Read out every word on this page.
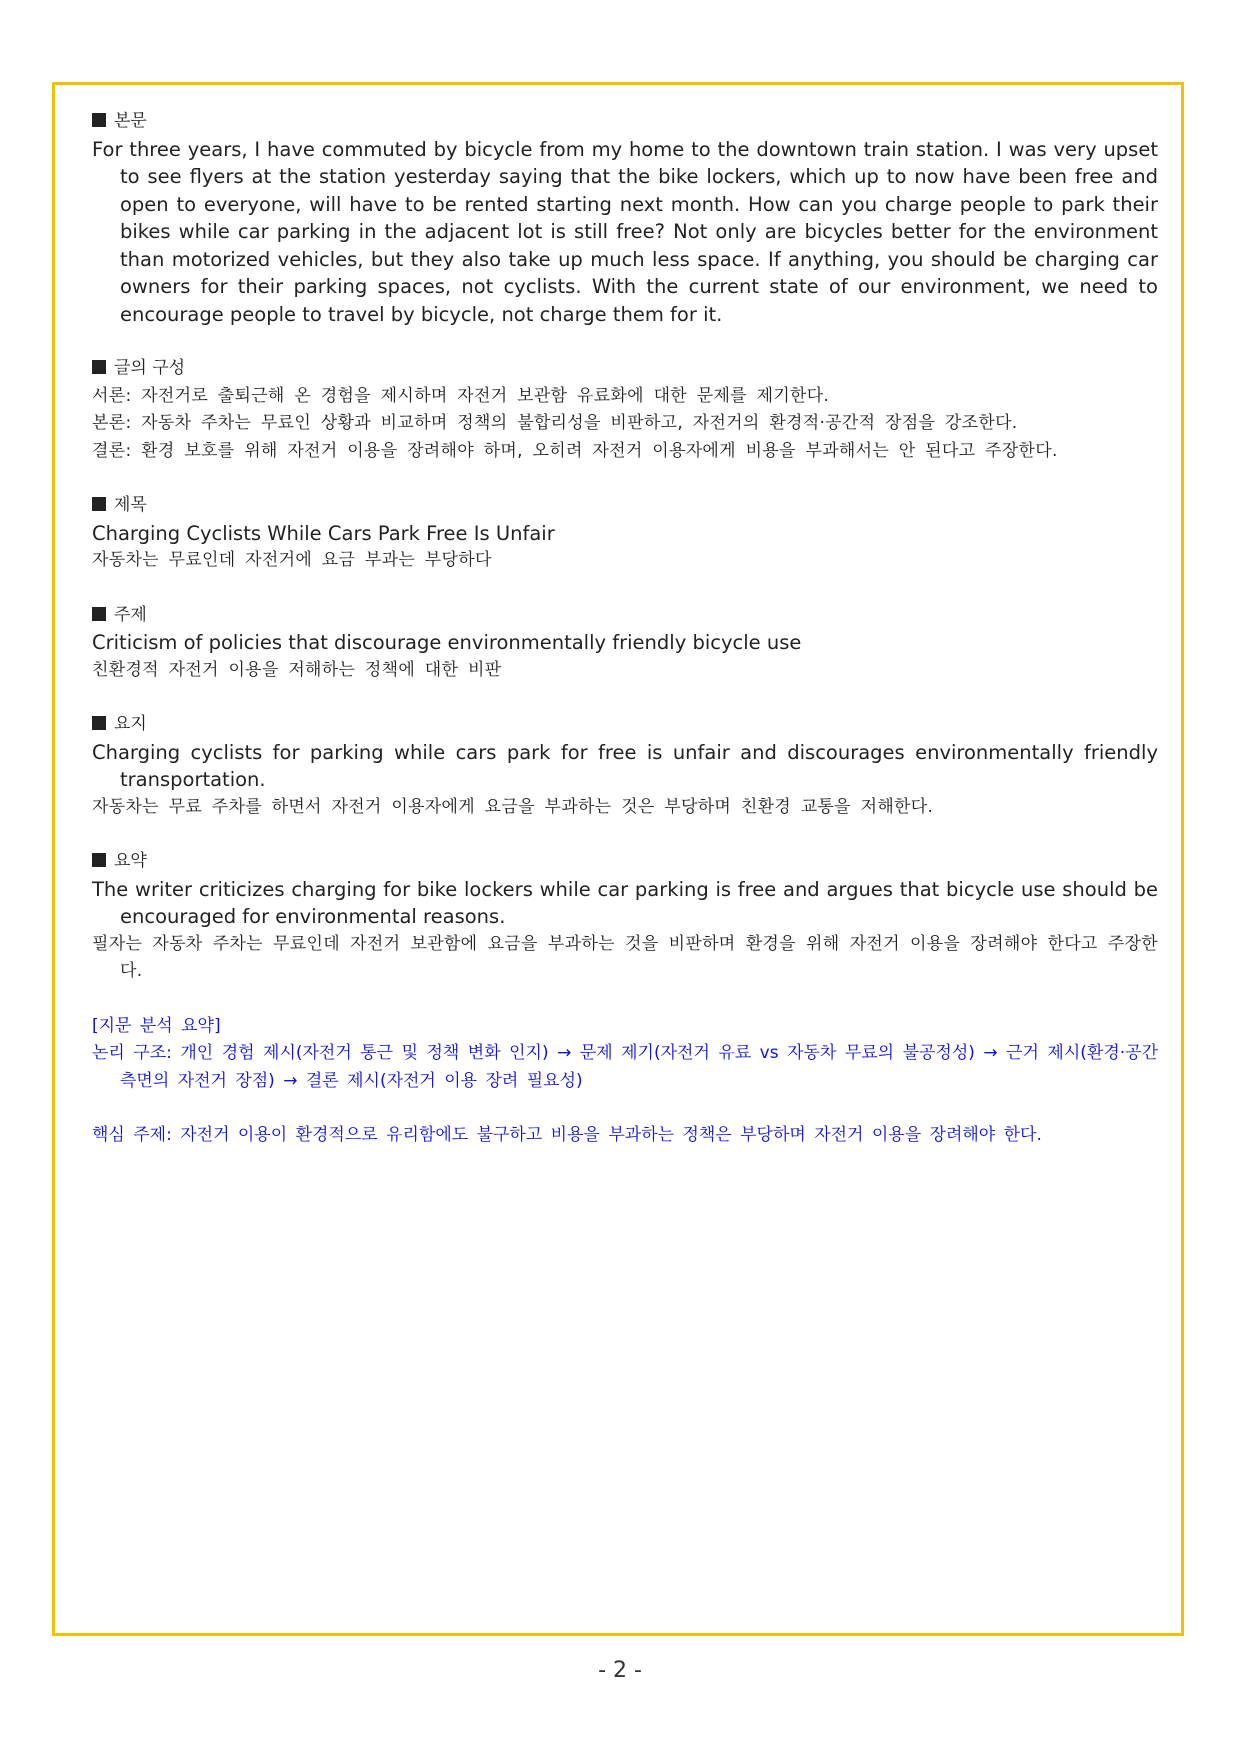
본문

For three years, I have commuted by bicycle from my home to the downtown train station. I was very upset to see flyers at the station yesterday saying that the bike lockers, which up to now have been free and open to everyone, will have to be rented starting next month. How can you charge people to park their bikes while car parking in the adjacent lot is still free? Not only are bicycles better for the environment than motorized vehicles, but they also take up much less space. If anything, you should be charging car owners for their parking spaces, not cyclists. With the current state of our environment, we need to encourage people to travel by bicycle, not charge them for it.

글의 구성

서론: 자전거로 출퇴근해 온 경험을 제시하며 자전거 보관함 유료화에 대한 문제를 제기한다.

본론: 자동차 주차는 무료인 상황과 비교하며 정책의 불합리성을 비판하고, 자전거의 환경적·공간적 장점을 강조한다.

결론: 환경 보호를 위해 자전거 이용을 장려해야 하며, 오히려 자전거 이용자에게 비용을 부과해서는 안 된다고 주장한다.

제목

Charging Cyclists While Cars Park Free Is Unfair

자동차는 무료인데 자전거에 요금 부과는 부당하다

주제

Criticism of policies that discourage environmentally friendly bicycle use

친환경적 자전거 이용을 저해하는 정책에 대한 비판

요지

Charging cyclists for parking while cars park for free is unfair and discourages environmentally friendly transportation.

자동차는 무료 주차를 하면서 자전거 이용자에게 요금을 부과하는 것은 부당하며 친환경 교통을 저해한다.

요약

The writer criticizes charging for bike lockers while car parking is free and argues that bicycle use should be encouraged for environmental reasons.

필자는 자동차 주차는 무료인데 자전거 보관함에 요금을 부과하는 것을 비판하며 환경을 위해 자전거 이용을 장려해야 한다고 주장한다.

[지문 분석 요약]

논리 구조: 개인 경험 제시(자전거 통근 및 정책 변화 인지) → 문제 제기(자전거 유료 vs 자동차 무료의 불공정성) → 근거 제시(환경·공간 측면의 자전거 장점) → 결론 제시(자전거 이용 장려 필요성)

핵심 주제: 자전거 이용이 환경적으로 유리함에도 불구하고 비용을 부과하는 정책은 부당하며 자전거 이용을 장려해야 한다.

- 2 -
